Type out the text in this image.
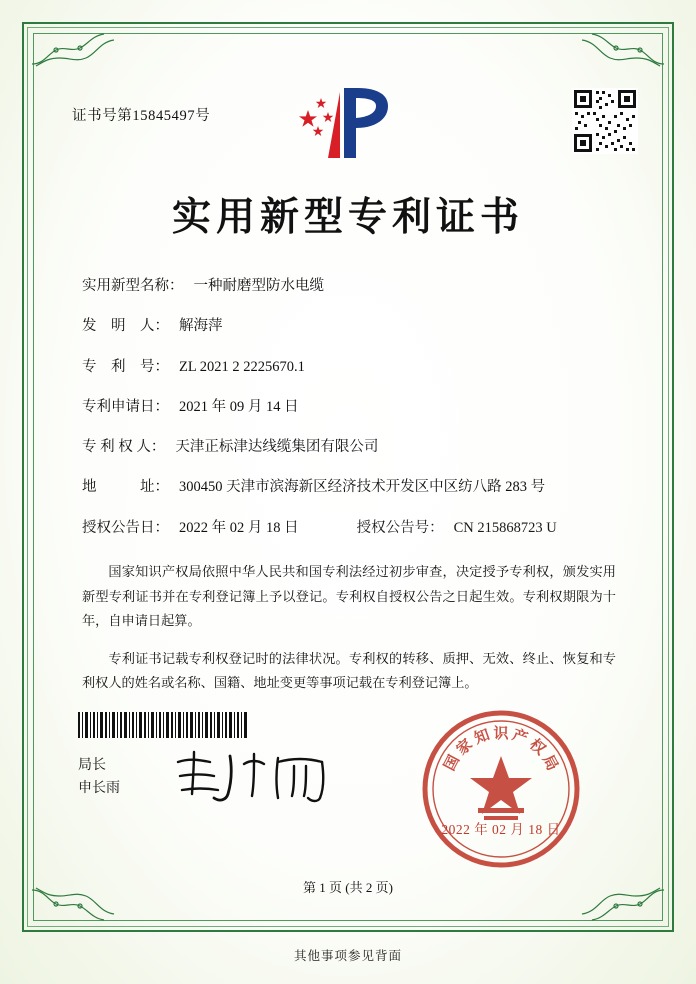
证书号第15845497号
实用新型专利证书
实用新型名称： 一种耐磨型防水电缆
发　明　人： 解海萍
专　利　号： ZL 2021 2 2225670.1
专利申请日： 2021 年 09 月 14 日
专 利 权 人： 天津正标津达线缆集团有限公司
地　　　址： 300450 天津市滨海新区经济技术开发区中区纺八路 283 号
授权公告日： 2022 年 02 月 18 日	授权公告号： CN 215868723 U

国家知识产权局依照中华人民共和国专利法经过初步审查，决定授予专利权，颁发实用新型专利证书并在专利登记簿上予以登记。专利权自授权公告之日起生效。专利权期限为十年，自申请日起算。

专利证书记载专利权登记时的法律状况。专利权的转移、质押、无效、终止、恢复和专利权人的姓名或名称、国籍、地址变更等事项记载在专利登记簿上。

局长
申长雨
国
家
知 识 产
权
局
2022 年 02 月 18 日
第 1 页 (共 2 页)
其他事项参见背面
